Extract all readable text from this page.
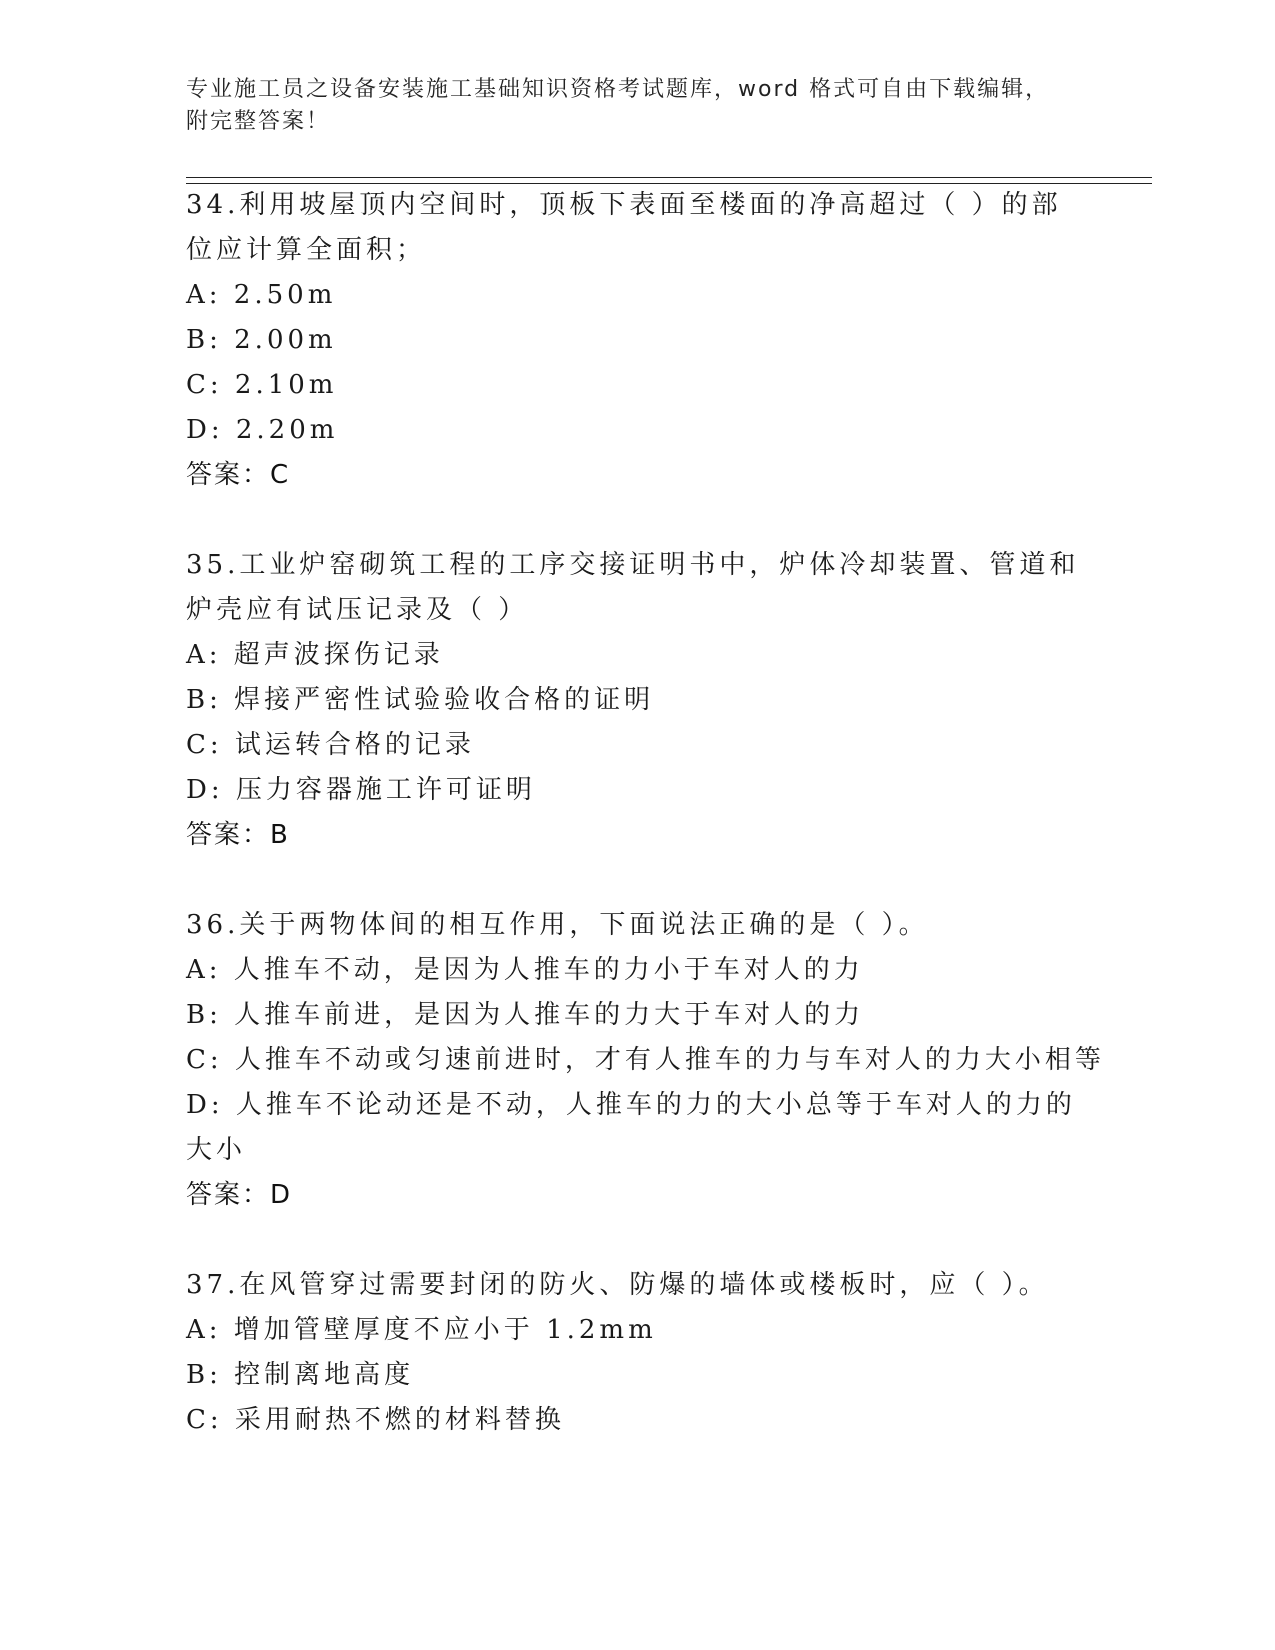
专业施工员之设备安装施工基础知识资格考试题库，word 格式可自由下载编辑，
附完整答案！
34.利用坡屋顶内空间时，顶板下表面至楼面的净高超过（ ）的部位应计算全面积；
A: 2.50m
B: 2.00m
C: 2.10m
D: 2.20m
答案：C
35.工业炉窑砌筑工程的工序交接证明书中，炉体冷却装置、管道和炉壳应有试压记录及（ ）
A: 超声波探伤记录
B: 焊接严密性试验验收合格的证明
C: 试运转合格的记录
D: 压力容器施工许可证明
答案：B
36.关于两物体间的相互作用，下面说法正确的是（ ）。
A: 人推车不动，是因为人推车的力小于车对人的力
B: 人推车前进，是因为人推车的力大于车对人的力
C: 人推车不动或匀速前进时，才有人推车的力与车对人的力大小相等
D: 人推车不论动还是不动，人推车的力的大小总等于车对人的力的大小
答案：D
37.在风管穿过需要封闭的防火、防爆的墙体或楼板时，应（ ）。
A: 增加管壁厚度不应小于 1.2mm
B: 控制离地高度
C: 采用耐热不燃的材料替换
